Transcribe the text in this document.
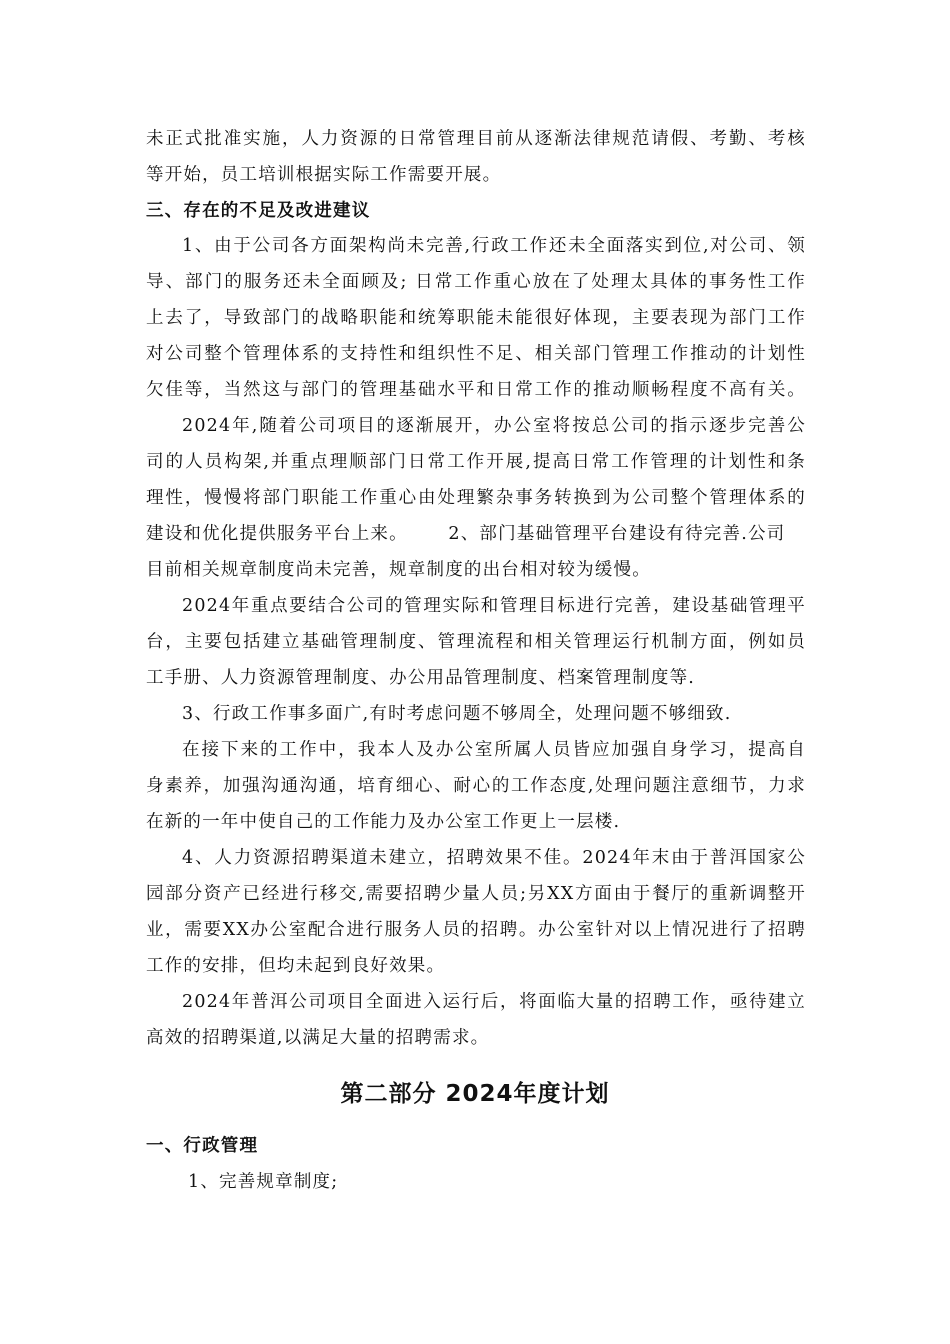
未正式批准实施，人力资源的日常管理目前从逐渐法律规范请假、考勤、考核
等开始，员工培训根据实际工作需要开展。
三、存在的不足及改进建议
1、由于公司各方面架构尚未完善,行政工作还未全面落实到位,对公司、领
导、部门的服务还未全面顾及; 日常工作重心放在了处理太具体的事务性工作
上去了，导致部门的战略职能和统筹职能未能很好体现，主要表现为部门工作
对公司整个管理体系的支持性和组织性不足、相关部门管理工作推动的计划性
欠佳等，当然这与部门的管理基础水平和日常工作的推动顺畅程度不高有关。
2024年,随着公司项目的逐渐展开，办公室将按总公司的指示逐步完善公
司的人员构架,并重点理顺部门日常工作开展,提高日常工作管理的计划性和条
理性，慢慢将部门职能工作重心由处理繁杂事务转换到为公司整个管理体系的
建设和优化提供服务平台上来。      2、部门基础管理平台建设有待完善.公司
目前相关规章制度尚未完善，规章制度的出台相对较为缓慢。
2024年重点要结合公司的管理实际和管理目标进行完善，建设基础管理平
台，主要包括建立基础管理制度、管理流程和相关管理运行机制方面，例如员
工手册、人力资源管理制度、办公用品管理制度、档案管理制度等.
3、行政工作事多面广,有时考虑问题不够周全，处理问题不够细致.
在接下来的工作中，我本人及办公室所属人员皆应加强自身学习，提高自
身素养，加强沟通沟通，培育细心、耐心的工作态度,处理问题注意细节，力求
在新的一年中使自己的工作能力及办公室工作更上一层楼.
4、人力资源招聘渠道未建立，招聘效果不佳。2024年末由于普洱国家公
园部分资产已经进行移交,需要招聘少量人员;另XX方面由于餐厅的重新调整开
业，需要XX办公室配合进行服务人员的招聘。办公室针对以上情况进行了招聘
工作的安排，但均未起到良好效果。
2024年普洱公司项目全面进入运行后，将面临大量的招聘工作，亟待建立
高效的招聘渠道,以满足大量的招聘需求。
第二部分 2024年度计划
一、行政管理
1、完善规章制度;
